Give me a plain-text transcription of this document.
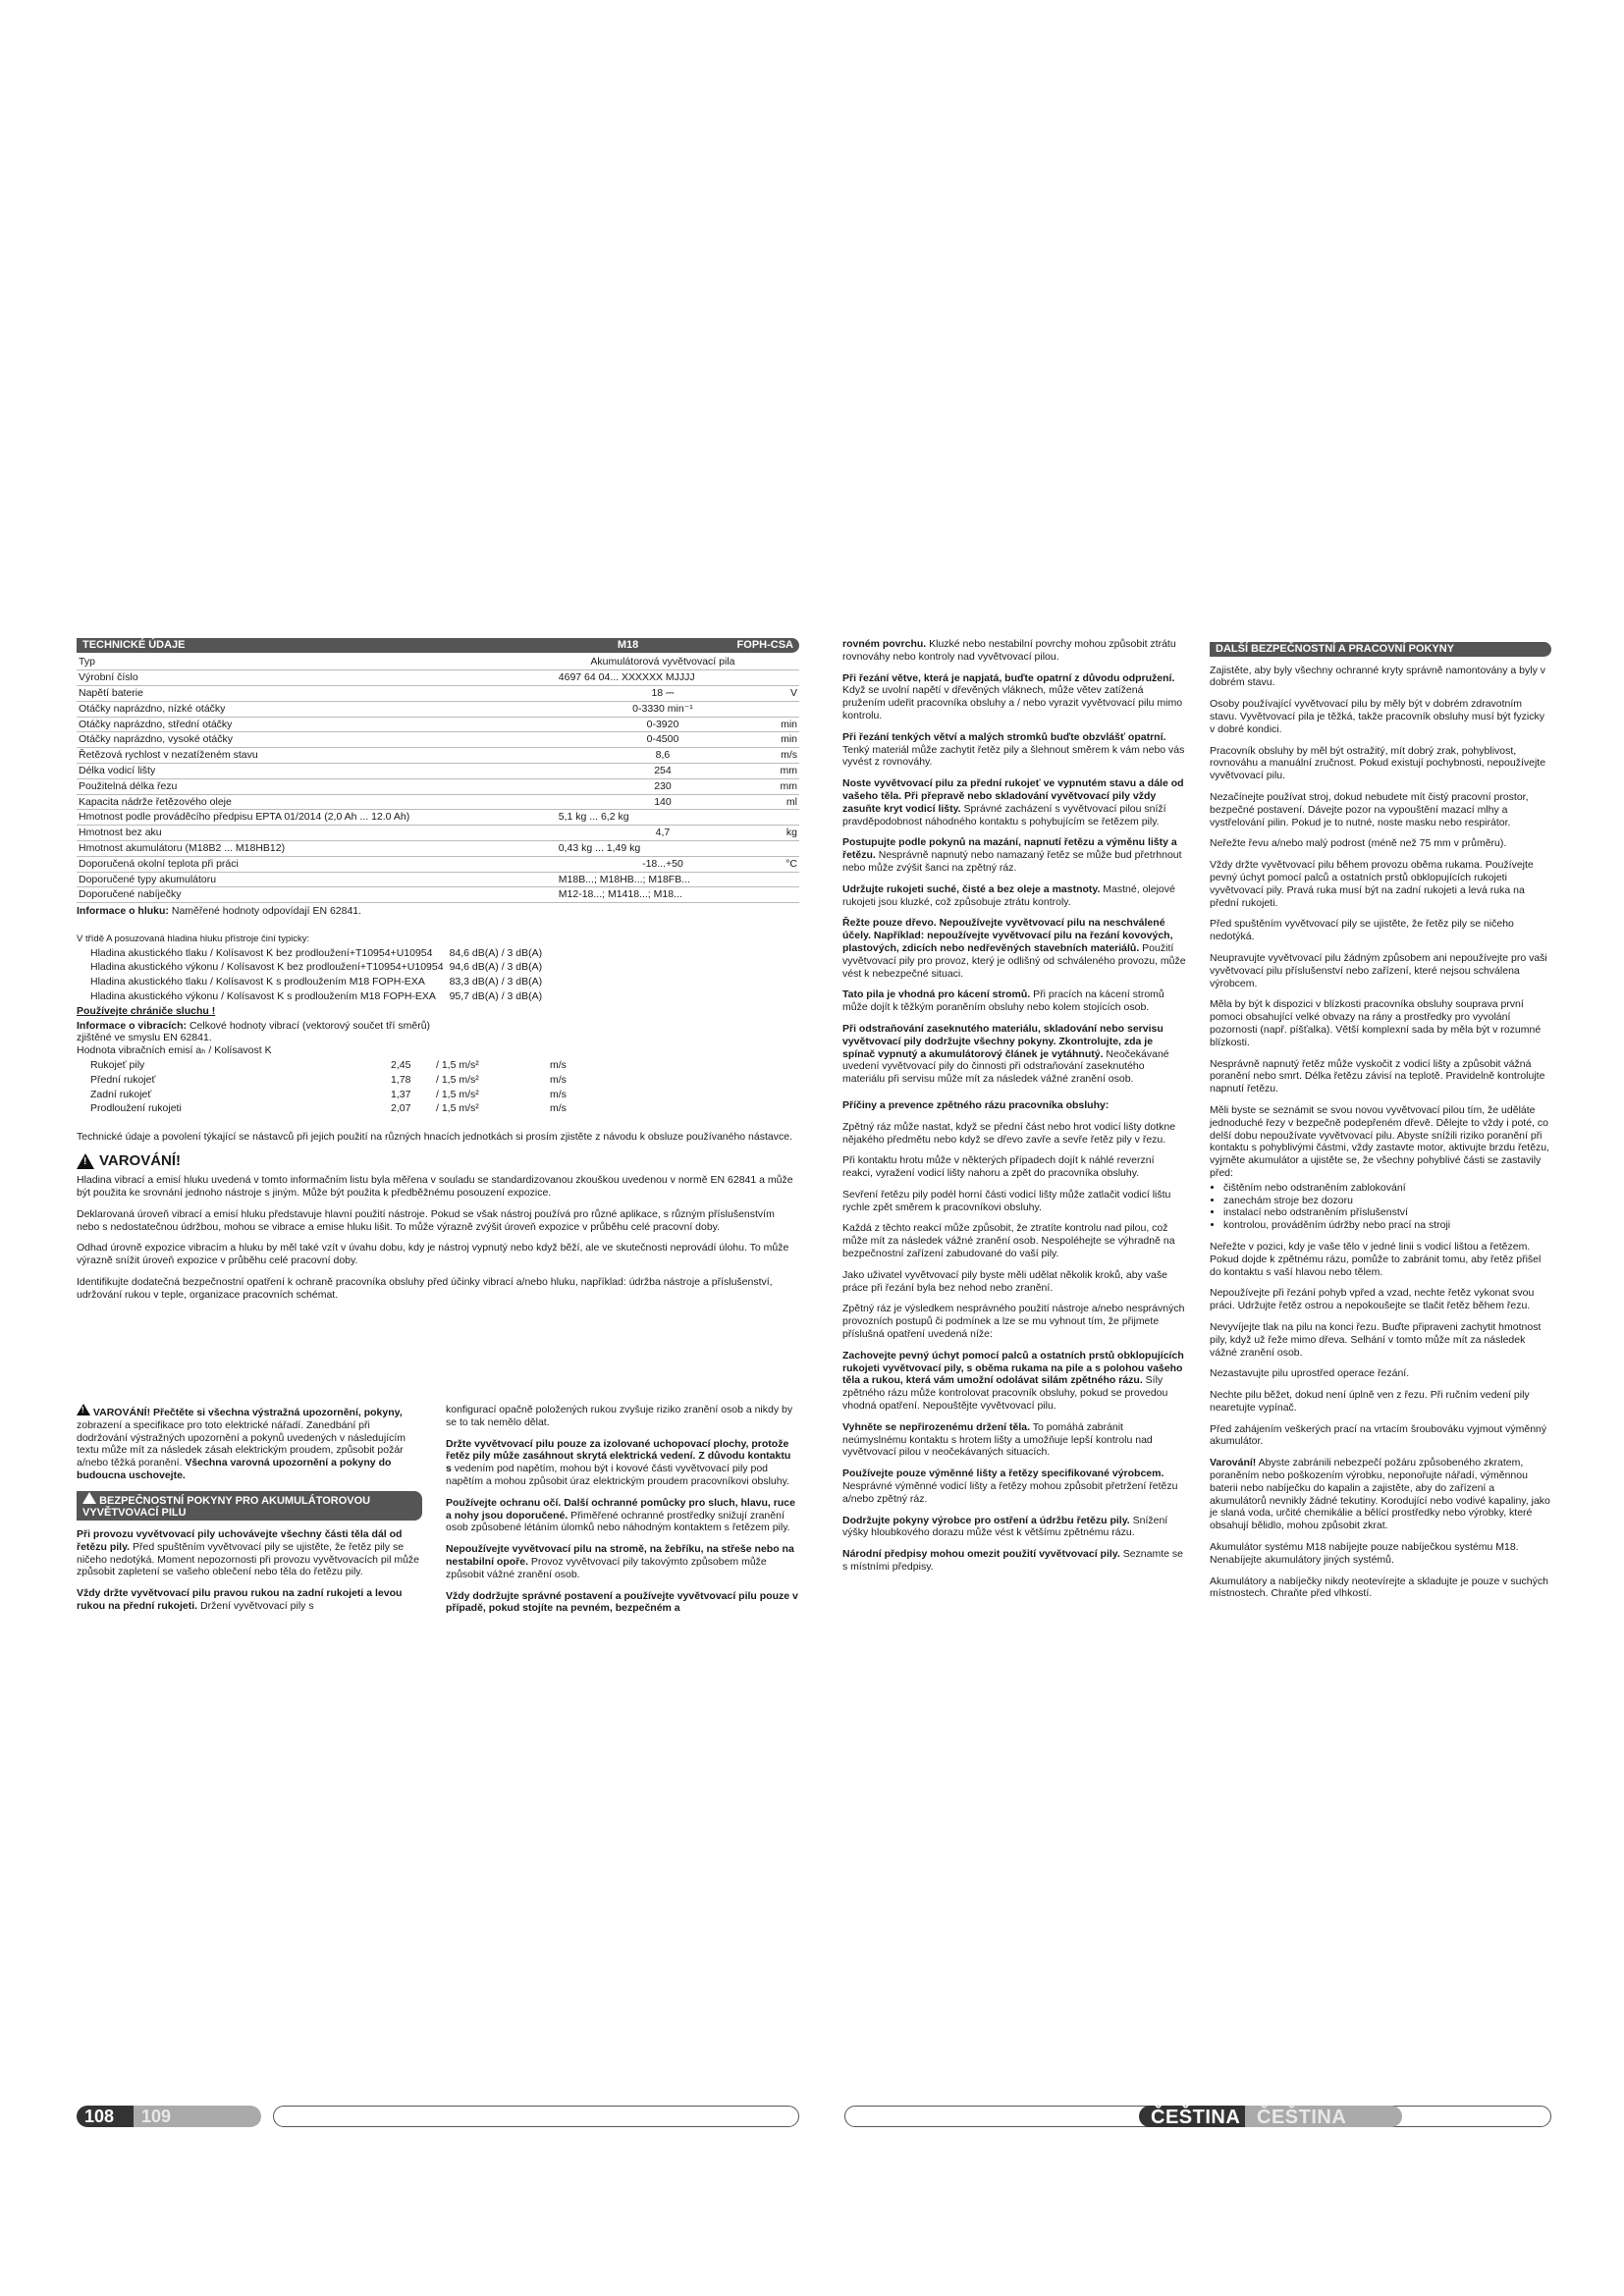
TECHNICKÉ ÚDAJE	M18	FOPH-CSA
Typ	Akumulátorová vyvětvovací pila	
Výrobní číslo	4697 64 04... XXXXXX MJJJJ	
Napětí baterie	18 ⎓	V
Otáčky naprázdno, nízké otáčky	0-3330 min⁻¹	
Otáčky naprázdno, střední otáčky	0-3920	min
Otáčky naprázdno, vysoké otáčky	0-4500	min
Řetězová rychlost v nezatíženém stavu	8,6	m/s
Délka vodicí lišty	254	mm
Použitelná délka řezu	230	mm
Kapacita nádrže řetězového oleje	140	ml
Hmotnost podle prováděcího předpisu EPTA 01/2014 (2,0 Ah ... 12.0 Ah)	5,1 kg ... 6,2 kg	
Hmotnost bez aku	4,7	kg
Hmotnost akumulátoru (M18B2 ... M18HB12)	0,43 kg ... 1,49 kg	
Doporučená okolní teplota při práci	-18...+50	°C
Doporučené typy akumulátoru	M18B...; M18HB...; M18FB...	
Doporučené nabíječky	M12-18...; M1418...; M18...	

Informace o hluku: Naměřené hodnoty odpovídají EN 62841.

V třídě A posuzovaná hladina hluku přístroje činí typicky:
Hladina akustického tlaku / Kolísavost K bez prodloužení+T10954+U10954	84,6 dB(A) / 3 dB(A)
Hladina akustického výkonu / Kolísavost K bez prodloužení+T10954+U10954	94,6 dB(A) / 3 dB(A)
Hladina akustického tlaku / Kolísavost K s prodloužením M18 FOPH-EXA	83,3 dB(A) / 3 dB(A)
Hladina akustického výkonu / Kolísavost K s prodloužením M18 FOPH-EXA	95,7 dB(A) / 3 dB(A)
Používejte chrániče sluchu !
Informace o vibracích: Celkové hodnoty vibrací (vektorový součet tří směrů) zjištěné ve smyslu EN 62841.
Hodnota vibračních emisí aₕ / Kolísavost K
Rukojeť pily	2,45	/ 1,5 m/s²	m/s
Přední rukojeť	1,78	/ 1,5 m/s²	m/s
Zadní rukojeť	1,37	/ 1,5 m/s²	m/s
Prodloužení rukojeti	2,07	/ 1,5 m/s²	m/s

Technické údaje a povolení týkající se nástavců při jejich použití na různých hnacích jednotkách si prosím zjistěte z návodu k obsluze používaného nástavce.

!
VAROVÁNÍ!

Hladina vibrací a emisí hluku uvedená v tomto informačním listu byla měřena v souladu se standardizovanou zkouškou uvedenou v normě EN 62841 a může být použita ke srovnání jednoho nástroje s jiným. Může být použita k předběžnému posouzení expozice.

Deklarovaná úroveň vibrací a emisí hluku představuje hlavní použití nástroje. Pokud se však nástroj používá pro různé aplikace, s různým příslušenstvím nebo s nedostatečnou údržbou, mohou se vibrace a emise hluku lišit. To může výrazně zvýšit úroveň expozice v průběhu celé pracovní doby.

Odhad úrovně expozice vibracím a hluku by měl také vzít v úvahu dobu, kdy je nástroj vypnutý nebo když běží, ale ve skutečnosti neprovádí úlohu. To může výrazně snížit úroveň expozice v průběhu celé pracovní doby.

Identifikujte dodatečná bezpečnostní opatření k ochraně pracovníka obsluhy před účinky vibrací a/nebo hluku, například: údržba nástroje a příslušenství, udržování rukou v teple, organizace pracovních schémat.

! VAROVÁNÍ! Přečtěte si všechna výstražná upozornění, pokyny, zobrazení a specifikace pro toto elektrické nářadí. Zanedbání při dodržování výstražných upozornění a pokynů uvedených v následujícím textu může mít za následek zásah elektrickým proudem, způsobit požár a/nebo těžká poranění. Všechna varovná upozornění a pokyny do budoucna uschovejte.

! BEZPEČNOSTNÍ POKYNY PRO AKUMULÁTOROVOU VYVĚTVOVACÍ PILU

Při provozu vyvětvovací pily uchovávejte všechny části těla dál od řetězu pily. Před spuštěním vyvětvovací pily se ujistěte, že řetěz pily se ničeho nedotýká. Moment nepozornosti při provozu vyvětvovacích pil může způsobit zapletení se vašeho oblečení nebo těla do řetězu pily.

Vždy držte vyvětvovací pilu pravou rukou na zadní rukojeti a levou rukou na přední rukojeti. Držení vyvětvovací pily s

konfigurací opačně položených rukou zvyšuje riziko zranění osob a nikdy by se to tak nemělo dělat.

Držte vyvětvovací pilu pouze za izolované uchopovací plochy, protože řetěz pily může zasáhnout skrytá elektrická vedení. Z důvodu kontaktu s vedením pod napětím, mohou být i kovové části vyvětvovací pily pod napětím a mohou způsobit úraz elektrickým proudem pracovníkovi obsluhy.

Používejte ochranu očí. Další ochranné pomůcky pro sluch, hlavu, ruce a nohy jsou doporučené. Přiměřené ochranné prostředky snižují zranění osob způsobené létáním úlomků nebo náhodným kontaktem s řetězem pily.

Nepoužívejte vyvětvovací pilu na stromě, na žebříku, na střeše nebo na nestabilní opoře. Provoz vyvětvovací pily takovýmto způsobem může způsobit vážné zranění osob.

Vždy dodržujte správné postavení a používejte vyvětvovací pilu pouze v případě, pokud stojíte na pevném, bezpečném a

rovném povrchu. Kluzké nebo nestabilní povrchy mohou způsobit ztrátu rovnováhy nebo kontroly nad vyvětvovací pilou.

Při řezání větve, která je napjatá, buďte opatrní z důvodu odpružení. Když se uvolní napětí v dřevěných vláknech, může větev zatížená pružením udeřit pracovníka obsluhy a / nebo vyrazit vyvětvovací pilu mimo kontrolu.

Při řezání tenkých větví a malých stromků buďte obzvlášť opatrní. Tenký materiál může zachytit řetěz pily a šlehnout směrem k vám nebo vás vyvést z rovnováhy.

Noste vyvětvovací pilu za přední rukojeť ve vypnutém stavu a dále od vašeho těla. Při přepravě nebo skladování vyvětvovací pily vždy zasuňte kryt vodicí lišty. Správné zacházení s vyvětvovací pilou sníží pravděpodobnost náhodného kontaktu s pohybujícím se řetězem pily.

Postupujte podle pokynů na mazání, napnutí řetězu a výměnu lišty a řetězu. Nesprávně napnutý nebo namazaný řetěz se může bud přetrhnout nebo může zvýšit šanci na zpětný ráz.

Udržujte rukojeti suché, čisté a bez oleje a mastnoty. Mastné, olejové rukojeti jsou kluzké, což způsobuje ztrátu kontroly.

Řežte pouze dřevo. Nepoužívejte vyvětvovací pilu na neschválené účely. Například: nepoužívejte vyvětvovací pilu na řezání kovových, plastových, zdicích nebo nedřevěných stavebních materiálů. Použití vyvětvovací pily pro provoz, který je odlišný od schváleného provozu, může vést k nebezpečné situaci.

Tato pila je vhodná pro kácení stromů. Při pracích na kácení stromů může dojít k těžkým poraněním obsluhy nebo kolem stojících osob.

Při odstraňování zaseknutého materiálu, skladování nebo servisu vyvětvovací pily dodržujte všechny pokyny. Zkontrolujte, zda je spínač vypnutý a akumulátorový článek je vytáhnutý. Neočekávané uvedení vyvětvovací pily do činnosti při odstraňování zaseknutého materiálu při servisu může mít za následek vážné zranění osob.

Příčiny a prevence zpětného rázu pracovníka obsluhy:

Zpětný ráz může nastat, když se přední část nebo hrot vodicí lišty dotkne nějakého předmětu nebo když se dřevo zavře a sevře řetěz pily v řezu.

Při kontaktu hrotu může v některých případech dojít k náhlé reverzní reakci, vyražení vodicí lišty nahoru a zpět do pracovníka obsluhy.

Sevření řetězu pily podél horní části vodicí lišty může zatlačit vodicí lištu rychle zpět směrem k pracovníkovi obsluhy.

Každá z těchto reakcí může způsobit, že ztratíte kontrolu nad pilou, což může mít za následek vážné zranění osob. Nespoléhejte se výhradně na bezpečnostní zařízení zabudované do vaší pily.

Jako uživatel vyvětvovací pily byste měli udělat několik kroků, aby vaše práce při řezání byla bez nehod nebo zranění.

Zpětný ráz je výsledkem nesprávného použití nástroje a/nebo nesprávných provozních postupů či podmínek a lze se mu vyhnout tím, že přijmete příslušná opatření uvedená níže:

Zachovejte pevný úchyt pomocí palců a ostatních prstů obklopujících rukojeti vyvětvovací pily, s oběma rukama na pile a s polohou vašeho těla a rukou, která vám umožní odolávat silám zpětného rázu. Síly zpětného rázu může kontrolovat pracovník obsluhy, pokud se provedou vhodná opatření. Nepouštějte vyvětvovací pilu.

Vyhněte se nepřirozenému držení těla. To pomáhá zabránit neúmyslnému kontaktu s hrotem lišty a umožňuje lepší kontrolu nad vyvětvovací pilou v neočekávaných situacích.

Používejte pouze výměnné lišty a řetězy specifikované výrobcem. Nesprávné výměnné vodicí lišty a řetězy mohou způsobit přetržení řetězu a/nebo zpětný ráz.

Dodržujte pokyny výrobce pro ostření a údržbu řetězu pily. Snížení výšky hloubkového dorazu může vést k většímu zpětnému rázu.

Národní předpisy mohou omezit použití vyvětvovací pily. Seznamte se s místními předpisy.

DALŠÍ BEZPEČNOSTNÍ A PRACOVNÍ POKYNY

Zajistěte, aby byly všechny ochranné kryty správně namontovány a byly v dobrém stavu.

Osoby používající vyvětvovací pilu by měly být v dobrém zdravotním stavu. Vyvětvovací pila je těžká, takže pracovník obsluhy musí být fyzicky v dobré kondici.

Pracovník obsluhy by měl být ostražitý, mít dobrý zrak, pohyblivost, rovnováhu a manuální zručnost. Pokud existují pochybnosti, nepoužívejte vyvětvovací pilu.

Nezačínejte používat stroj, dokud nebudete mít čistý pracovní prostor, bezpečné postavení. Dávejte pozor na vypouštění mazací mlhy a vystřelování pilin. Pokud je to nutné, noste masku nebo respirátor.

Neřežte řevu a/nebo malý podrost (méně než 75 mm v průměru).

Vždy držte vyvětvovací pilu během provozu oběma rukama. Používejte pevný úchyt pomocí palců a ostatních prstů obklopujících rukojeti vyvětvovací pily. Pravá ruka musí být na zadní rukojeti a levá ruka na přední rukojeti.

Před spuštěním vyvětvovací pily se ujistěte, že řetěz pily se ničeho nedotýká.

Neupravujte vyvětvovací pilu žádným způsobem ani nepoužívejte pro vaši vyvětvovací pilu příslušenství nebo zařízení, které nejsou schválena výrobcem.

Měla by být k dispozici v blízkosti pracovníka obsluhy souprava první pomoci obsahující velké obvazy na rány a prostředky pro vyvolání pozornosti (např. píšťalka). Větší komplexní sada by měla být v rozumné blízkosti.

Nesprávně napnutý řetěz může vyskočit z vodicí lišty a způsobit vážná poranění nebo smrt. Délka řetězu závisí na teplotě. Pravidelně kontrolujte napnutí řetězu.

Měli byste se seznámit se svou novou vyvětvovací pilou tím, že uděláte jednoduché řezy v bezpečně podepřeném dřevě. Dělejte to vždy i poté, co delší dobu nepoužívate vyvětvovací pilu. Abyste snížili riziko poranění při kontaktu s pohyblivými částmi, vždy zastavte motor, aktivujte brzdu řetězu, vyjměte akumulátor a ujistěte se, že všechny pohyblivé části se zastavily před:

• čištěním nebo odstraněním zablokování
• zanechám stroje bez dozoru
• instalací nebo odstraněním příslušenství
• kontrolou, prováděním údržby nebo prací na stroji

Neřežte v pozici, kdy je vaše tělo v jedné linii s vodicí lištou a řetězem. Pokud dojde k zpětnému rázu, pomůže to zabránit tomu, aby řetěz přišel do kontaktu s vaší hlavou nebo tělem.

Nepoužívejte při řezání pohyb vpřed a vzad, nechte řetěz vykonat svou práci. Udržujte řetěz ostrou a nepokoušejte se tlačit řetěz během řezu.

Nevyvíjejte tlak na pilu na konci řezu. Buďte připraveni zachytit hmotnost pily, když už řeže mimo dřeva. Selhání v tomto může mít za následek vážné zranění osob.

Nezastavujte pilu uprostřed operace řezání.

Nechte pilu běžet, dokud není úplně ven z řezu. Při ručním vedení pily nearetujte vypínač.

Před zahájením veškerých prací na vrtacím šroubováku vyjmout výměnný akumulátor.

Varování! Abyste zabránili nebezpečí požáru způsobeného zkratem, poraněním nebo poškozením výrobku, neponořujte nářadí, výměnnou baterii nebo nabíječku do kapalin a zajistěte, aby do zařízení a akumulátorů nevnikly žádné tekutiny. Korodující nebo vodivé kapaliny, jako je slaná voda, určité chemikálie a bělící prostředky nebo výrobky, které obsahují bělidlo, mohou způsobit zkrat.

Akumulátor systému M18 nabíjejte pouze nabíječkou systému M18. Nenabíjejte akumulátory jiných systémů.

Akumulátory a nabíječky nikdy neotevírejte a skladujte je pouze v suchých místnostech. Chraňte před vlhkostí.

108 109	ČEŠTINA ČEŠTINA
